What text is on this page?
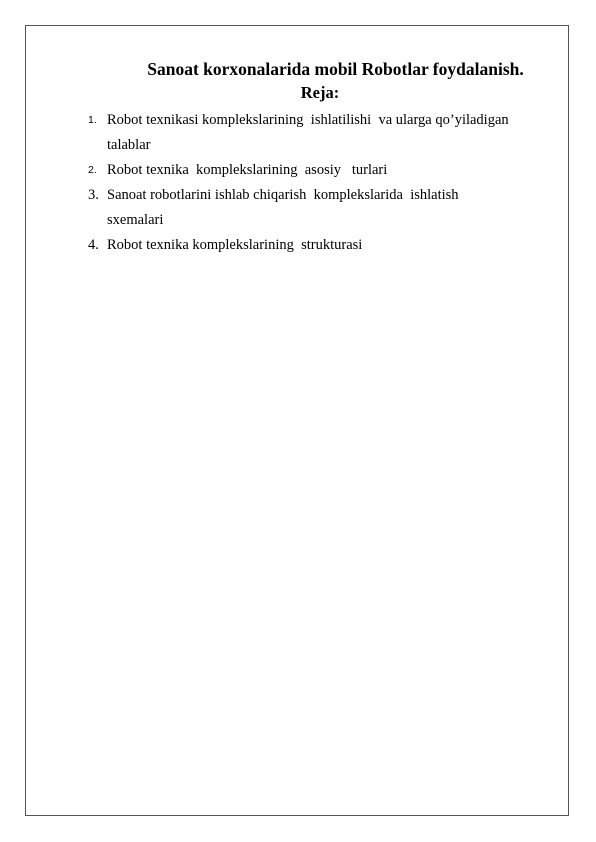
Sanoat korxonalarida mobil Robotlar foydalanish.
Reja:
1. Robot texnikasi komplekslarining  ishlatilishi  va ularga qo’yiladigan
talablar
2. Robot texnika  komplekslarining  asosiy   turlari
3. Sanoat robotlarini ishlab chiqarish  komplekslarida  ishlatish
sxemalari
4. Robot texnika komplekslarining  strukturasi
